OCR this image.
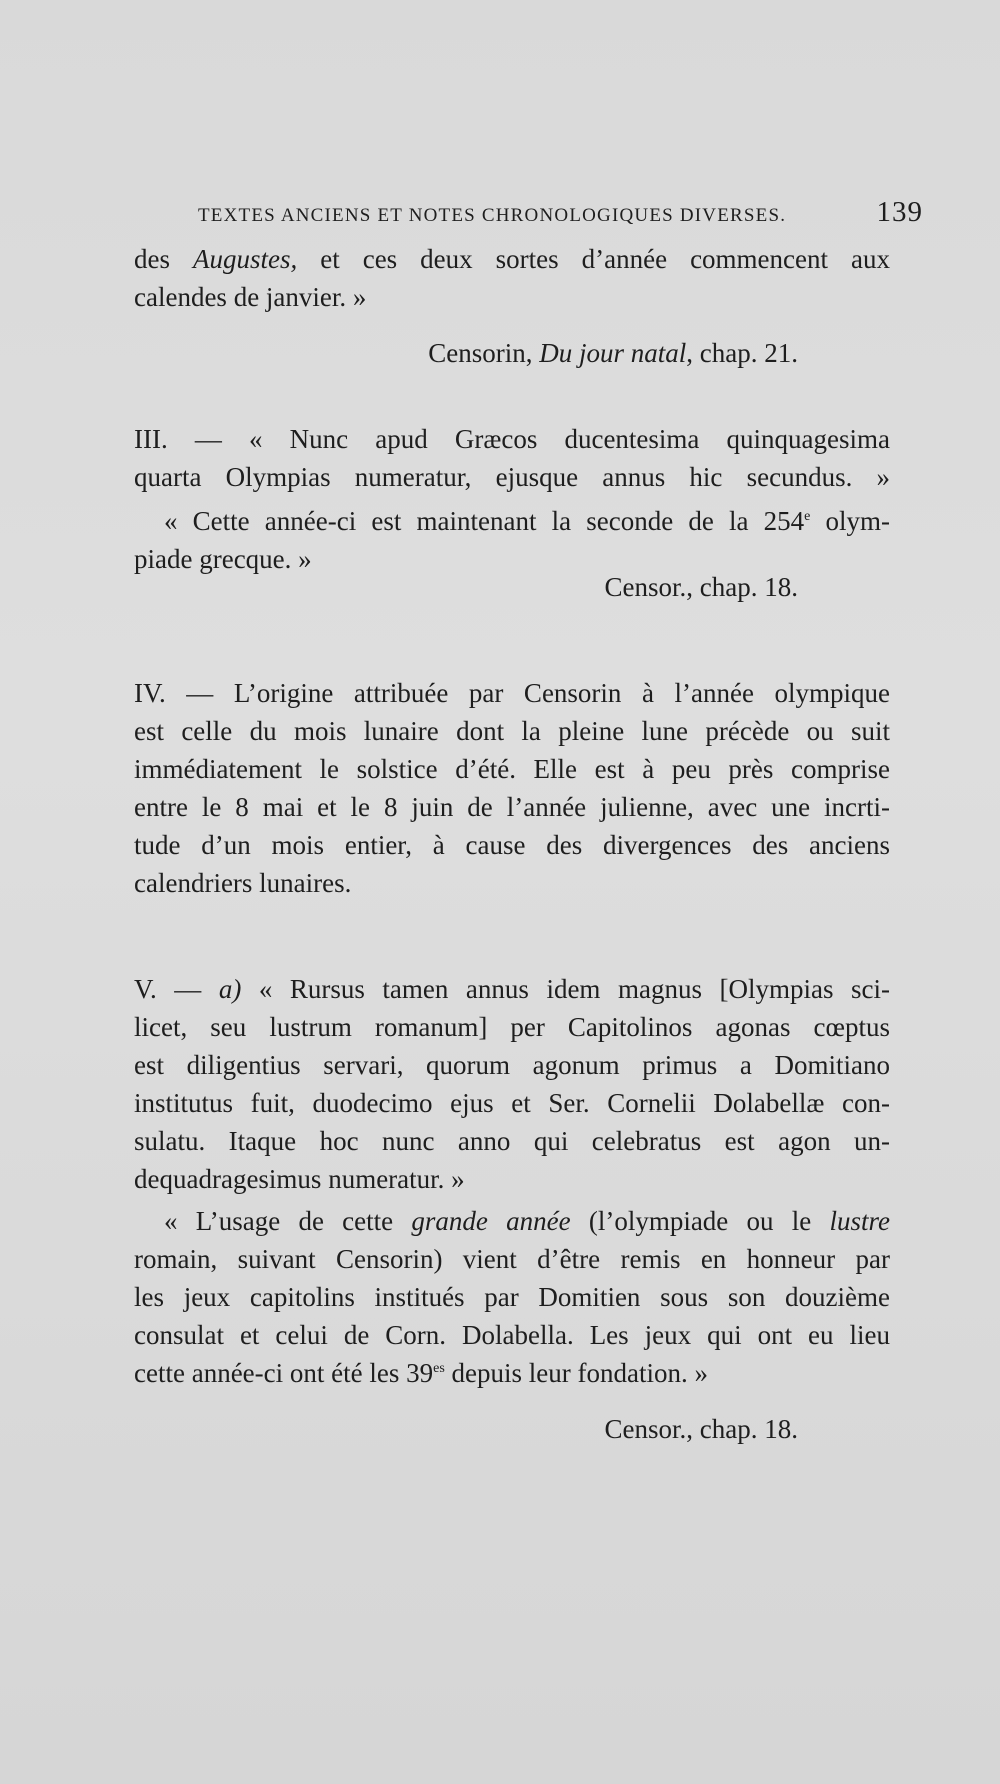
TEXTES ANCIENS ET NOTES CHRONOLOGIQUES DIVERSES.	139
des Augustes, et ces deux sortes d’année commencent aux
calendes de janvier. »
Censorin, Du jour natal, chap. 21.
III. — « Nunc apud Græcos ducentesima quinquagesima
quarta Olympias numeratur, ejusque annus hic secundus. »
« Cette année-ci est maintenant la seconde de la 254e olym-
piade grecque. »
Censor., chap. 18.
IV. — L’origine attribuée par Censorin à l’année olympique
est celle du mois lunaire dont la pleine lune précède ou suit
immédiatement le solstice d’été. Elle est à peu près comprise
entre le 8 mai et le 8 juin de l’année julienne, avec une incrti-
tude d’un mois entier, à cause des divergences des anciens
calendriers lunaires.
V. — a) « Rursus tamen annus idem magnus [Olympias sci-
licet, seu lustrum romanum] per Capitolinos agonas cœptus
est diligentius servari, quorum agonum primus a Domitiano
institutus fuit, duodecimo ejus et Ser. Cornelii Dolabellæ con-
sulatu. Itaque hoc nunc anno qui celebratus est agon un-
dequadragesimus numeratur. »
« L’usage de cette grande année (l’olympiade ou le lustre
romain, suivant Censorin) vient d’être remis en honneur par
les jeux capitolins institués par Domitien sous son douzième
consulat et celui de Corn. Dolabella. Les jeux qui ont eu lieu
cette année-ci ont été les $39^{es}$ depuis leur fondation. »
Censor., chap. 18.
